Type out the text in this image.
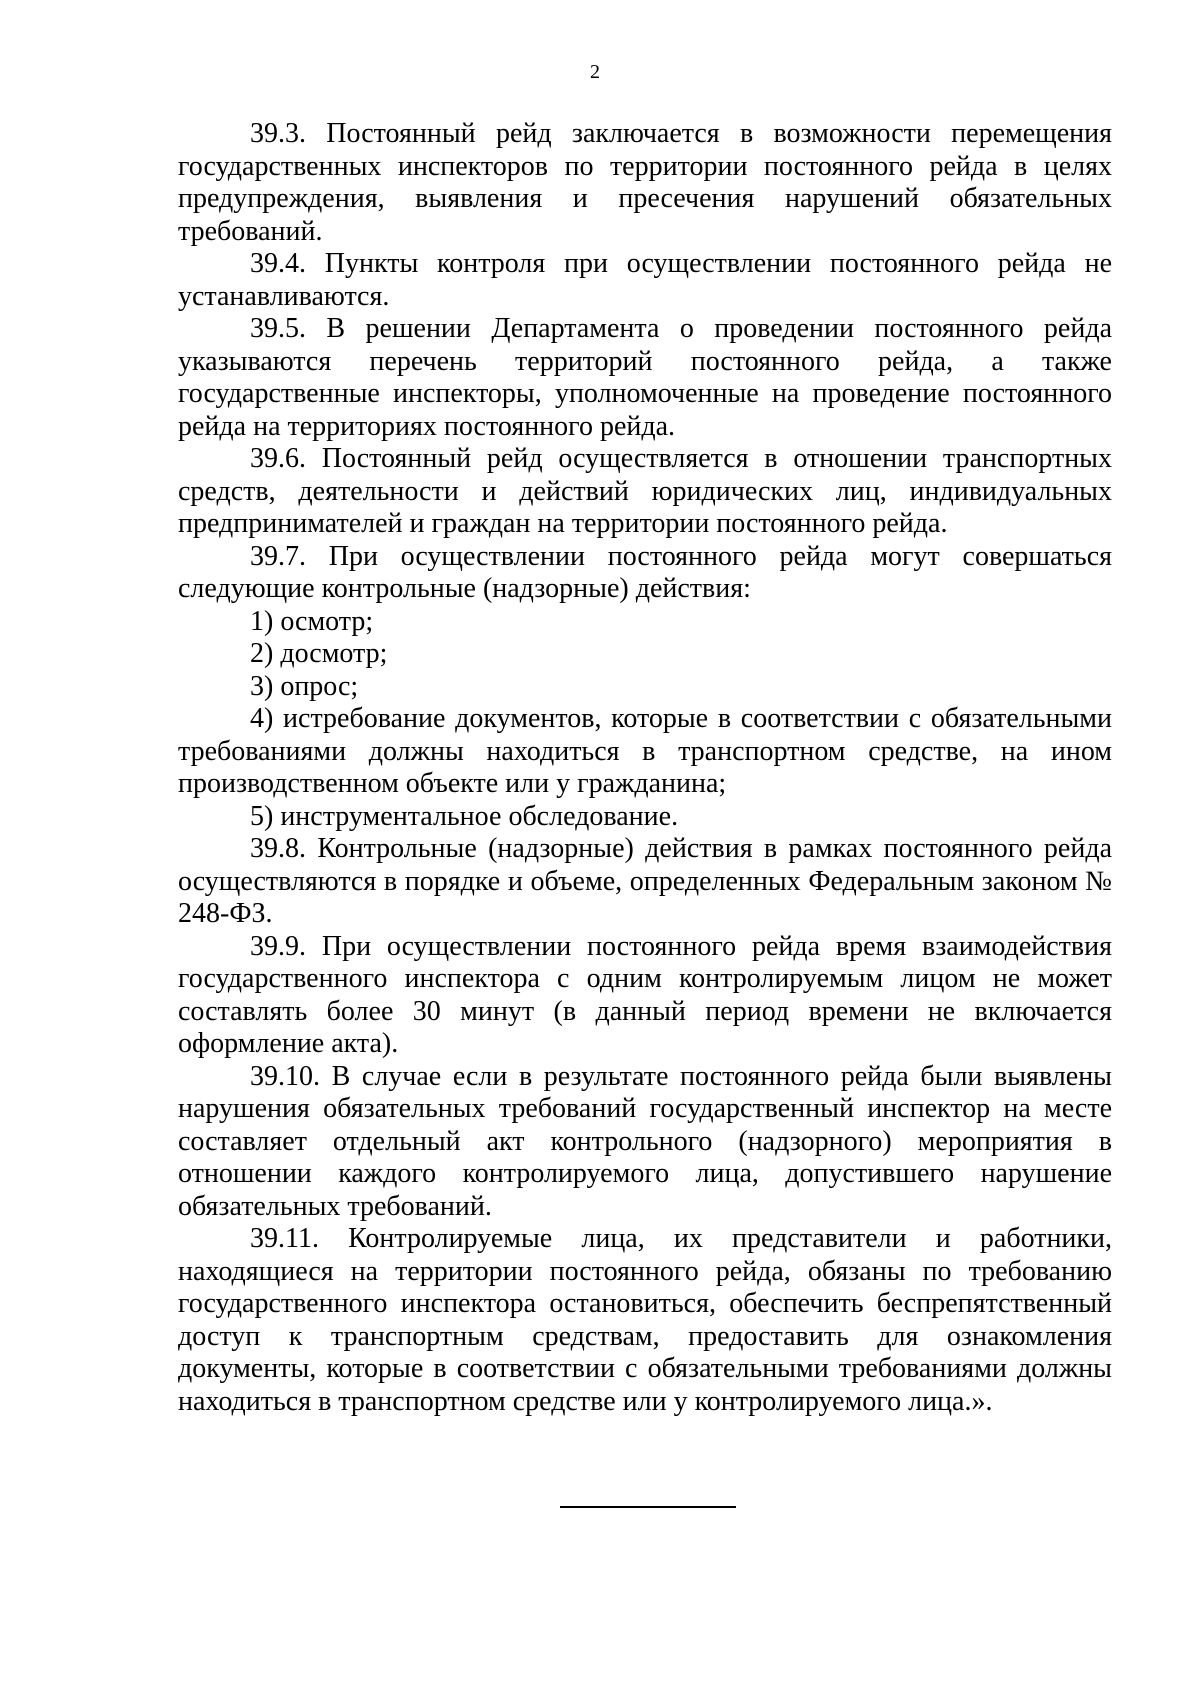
2

39.3. Постоянный рейд заключается в возможности перемещения государственных инспекторов по территории постоянного рейда в целях предупреждения, выявления и пресечения нарушений обязательных требований.

39.4. Пункты контроля при осуществлении постоянного рейда не устанавливаются.

39.5. В решении Департамента о проведении постоянного рейда указываются перечень территорий постоянного рейда, а также государственные инспекторы, уполномоченные на проведение постоянного рейда на территориях постоянного рейда.

39.6. Постоянный рейд осуществляется в отношении транспортных средств, деятельности и действий юридических лиц, индивидуальных предпринимателей и граждан на территории постоянного рейда.

39.7. При осуществлении постоянного рейда могут совершаться следующие контрольные (надзорные) действия:

1) осмотр;

2) досмотр;

3) опрос;

4) истребование документов, которые в соответствии с обязательными требованиями должны находиться в транспортном средстве, на ином производственном объекте или у гражданина;

5) инструментальное обследование.

39.8. Контрольные (надзорные) действия в рамках постоянного рейда осуществляются в порядке и объеме, определенных Федеральным законом № 248-ФЗ.

39.9. При осуществлении постоянного рейда время взаимодействия государственного инспектора с одним контролируемым лицом не может составлять более 30 минут (в данный период времени не включается оформление акта).

39.10. В случае если в результате постоянного рейда были выявлены нарушения обязательных требований государственный инспектор на месте составляет отдельный акт контрольного (надзорного) мероприятия в отношении каждого контролируемого лица, допустившего нарушение обязательных требований.

39.11. Контролируемые лица, их представители и работники, находящиеся на территории постоянного рейда, обязаны по требованию государственного инспектора остановиться, обеспечить беспрепятственный доступ к транспортным средствам, предоставить для ознакомления документы, которые в соответствии с обязательными требованиями должны находиться в транспортном средстве или у контролируемого лица.».
